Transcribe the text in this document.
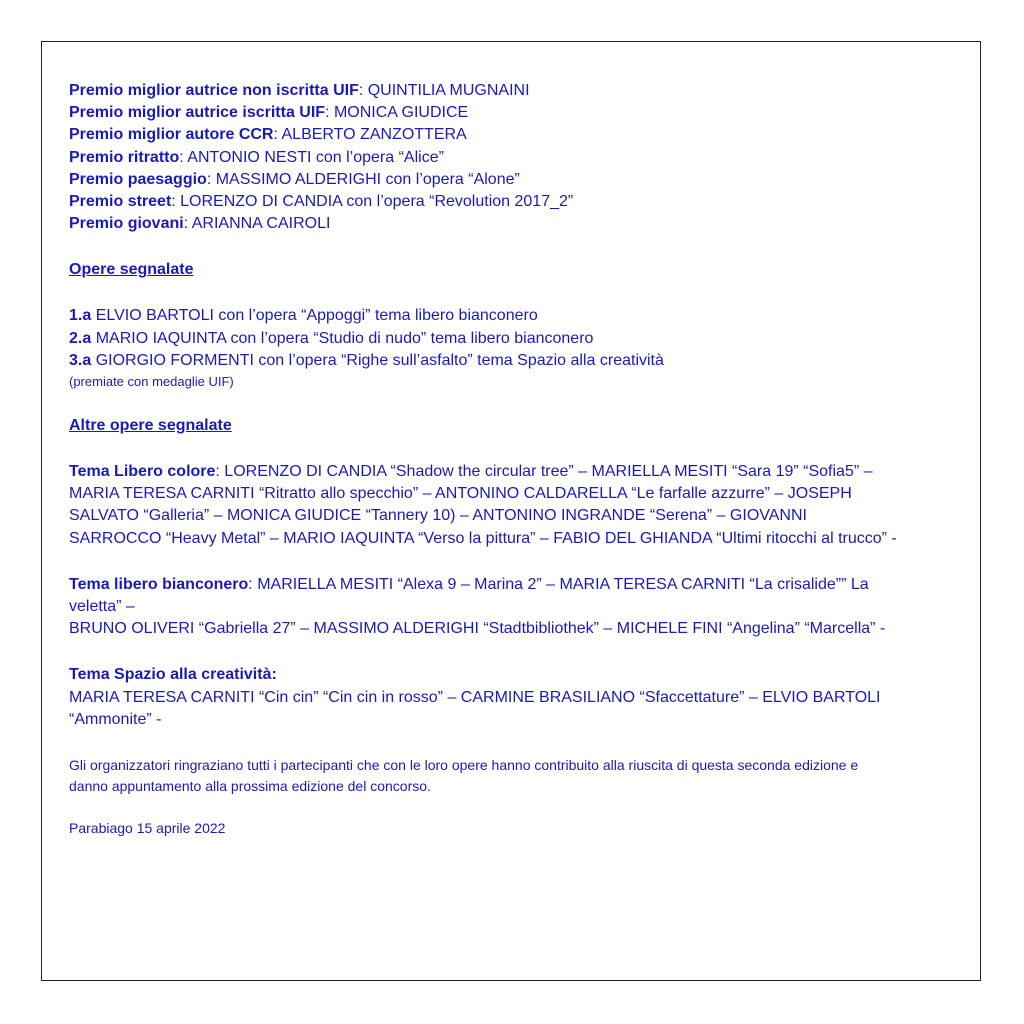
Premio miglior autrice non iscritta UIF: QUINTILIA MUGNAINI
Premio miglior autrice iscritta UIF: MONICA GIUDICE
Premio miglior autore CCR: ALBERTO ZANZOTTERA
Premio ritratto: ANTONIO NESTI con l’opera “Alice”
Premio paesaggio: MASSIMO ALDERIGHI con l’opera “Alone”
Premio street: LORENZO DI CANDIA con l’opera “Revolution 2017_2”
Premio giovani: ARIANNA CAIROLI
Opere segnalate
1.a ELVIO BARTOLI con l’opera “Appoggi” tema libero bianconero
2.a MARIO IAQUINTA con l’opera “Studio di nudo” tema libero bianconero
3.a GIORGIO FORMENTI con l’opera “Righe sull’asfalto” tema Spazio alla creatività
(premiate con medaglie UIF)
Altre opere segnalate
Tema Libero colore: LORENZO DI CANDIA “Shadow the circular tree” – MARIELLA MESITI “Sara 19” “Sofia5” –
MARIA TERESA CARNITI “Ritratto allo specchio” – ANTONINO CALDARELLA “Le farfalle azzurre” – JOSEPH
SALVATO “Galleria” – MONICA GIUDICE “Tannery 10) – ANTONINO INGRANDE “Serena” – GIOVANNI
SARROCCO “Heavy Metal” – MARIO IAQUINTA “Verso la pittura” – FABIO DEL GHIANDA “Ultimi ritocchi al trucco” -
Tema libero bianconero: MARIELLA MESITI “Alexa 9 – Marina 2” – MARIA TERESA CARNITI “La crisalide”” La
veletta” –
BRUNO OLIVERI “Gabriella 27” – MASSIMO ALDERIGHI “Stadtbibliothek” – MICHELE FINI “Angelina” “Marcella” -
Tema Spazio alla creatività:
MARIA TERESA CARNITI “Cin cin” “Cin cin in rosso” – CARMINE BRASILIANO “Sfaccettature” – ELVIO BARTOLI
“Ammonite” -
Gli organizzatori ringraziano tutti i partecipanti che con le loro opere hanno contribuito alla riuscita di questa seconda edizione e
danno appuntamento alla prossima edizione del concorso.
Parabiago 15 aprile 2022
